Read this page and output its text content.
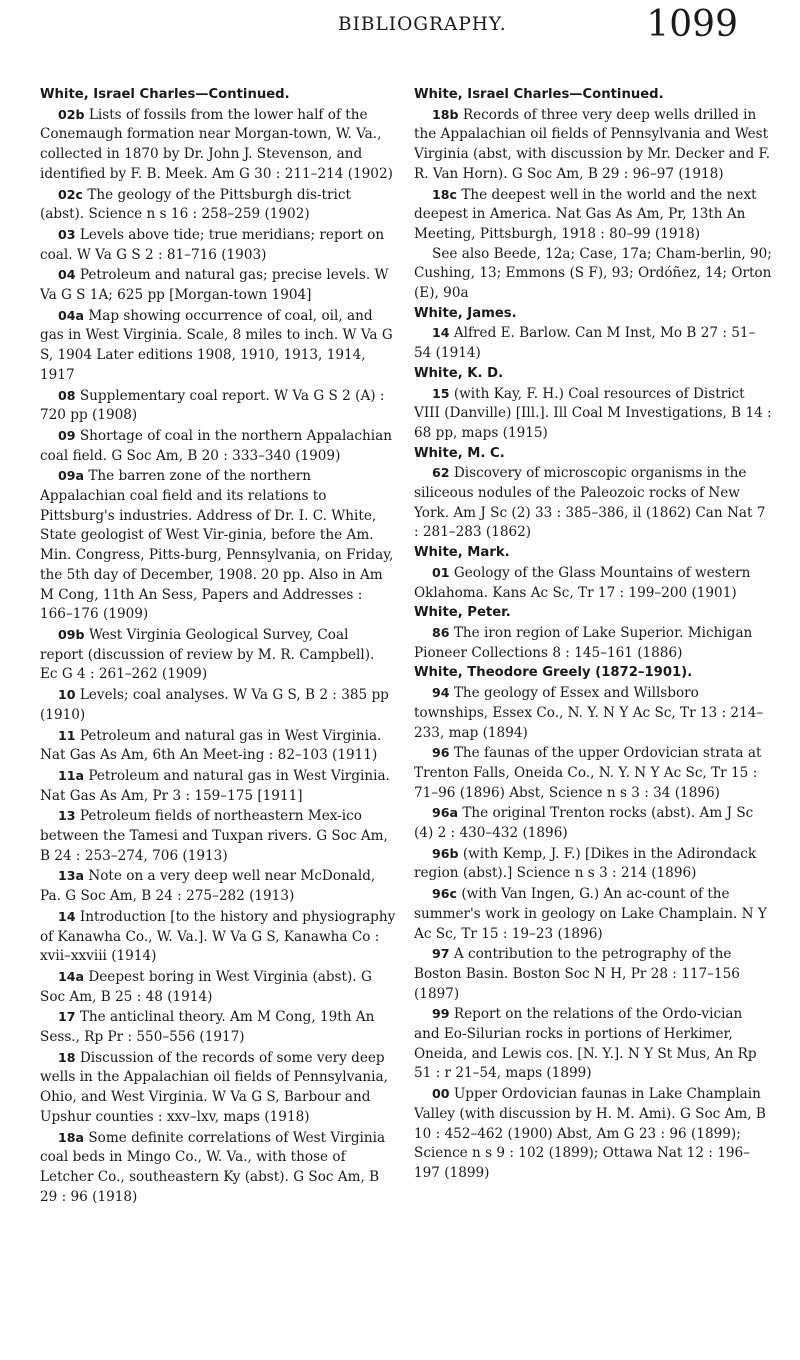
BIBLIOGRAPHY.	1099

White, Israel Charles—Continued.

02b Lists of fossils from the lower half of the Conemaugh formation near Morgan-town, W. Va., collected in 1870 by Dr. John J. Stevenson, and identified by F. B. Meek. Am G 30 : 211–214 (1902)

02c The geology of the Pittsburgh dis-trict (abst). Science n s 16 : 258–259 (1902)

03 Levels above tide; true meridians; report on coal. W Va G S 2 : 81–716 (1903)

04 Petroleum and natural gas; precise levels. W Va G S 1A; 625 pp [Morgan-town 1904]

04a Map showing occurrence of coal, oil, and gas in West Virginia. Scale, 8 miles to inch. W Va G S, 1904 Later editions 1908, 1910, 1913, 1914, 1917

08 Supplementary coal report. W Va G S 2 (A) : 720 pp (1908)

09 Shortage of coal in the northern Appalachian coal field. G Soc Am, B 20 : 333–340 (1909)

09a The barren zone of the northern Appalachian coal field and its relations to Pittsburg's industries. Address of Dr. I. C. White, State geologist of West Vir-ginia, before the Am. Min. Congress, Pitts-burg, Pennsylvania, on Friday, the 5th day of December, 1908. 20 pp. Also in Am M Cong, 11th An Sess, Papers and Addresses : 166–176 (1909)

09b West Virginia Geological Survey, Coal report (discussion of review by M. R. Campbell). Ec G 4 : 261–262 (1909)

10 Levels; coal analyses. W Va G S, B 2 : 385 pp (1910)

11 Petroleum and natural gas in West Virginia. Nat Gas As Am, 6th An Meet-ing : 82–103 (1911)

11a Petroleum and natural gas in West Virginia. Nat Gas As Am, Pr 3 : 159–175 [1911]

13 Petroleum fields of northeastern Mex-ico between the Tamesi and Tuxpan rivers. G Soc Am, B 24 : 253–274, 706 (1913)

13a Note on a very deep well near McDonald, Pa. G Soc Am, B 24 : 275–282 (1913)

14 Introduction [to the history and physiography of Kanawha Co., W. Va.]. W Va G S, Kanawha Co : xvii–xxviii (1914)

14a Deepest boring in West Virginia (abst). G Soc Am, B 25 : 48 (1914)

17 The anticlinal theory. Am M Cong, 19th An Sess., Rp Pr : 550–556 (1917)

18 Discussion of the records of some very deep wells in the Appalachian oil fields of Pennsylvania, Ohio, and West Virginia. W Va G S, Barbour and Upshur counties : xxv–lxv, maps (1918)

18a Some definite correlations of West Virginia coal beds in Mingo Co., W. Va., with those of Letcher Co., southeastern Ky (abst). G Soc Am, B 29 : 96 (1918)

White, Israel Charles—Continued.

18b Records of three very deep wells drilled in the Appalachian oil fields of Pennsylvania and West Virginia (abst, with discussion by Mr. Decker and F. R. Van Horn). G Soc Am, B 29 : 96–97 (1918)

18c The deepest well in the world and the next deepest in America. Nat Gas As Am, Pr, 13th An Meeting, Pittsburgh, 1918 : 80–99 (1918)

See also Beede, 12a; Case, 17a; Cham-berlin, 90; Cushing, 13; Emmons (S F), 93; Ordóñez, 14; Orton (E), 90a

White, James.

14 Alfred E. Barlow. Can M Inst, Mo B 27 : 51–54 (1914)

White, K. D.

15 (with Kay, F. H.) Coal resources of District VIII (Danville) [Ill.]. Ill Coal M Investigations, B 14 : 68 pp, maps (1915)

White, M. C.

62 Discovery of microscopic organisms in the siliceous nodules of the Paleozoic rocks of New York. Am J Sc (2) 33 : 385–386, il (1862) Can Nat 7 : 281–283 (1862)

White, Mark.

01 Geology of the Glass Mountains of western Oklahoma. Kans Ac Sc, Tr 17 : 199–200 (1901)

White, Peter.

86 The iron region of Lake Superior. Michigan Pioneer Collections 8 : 145–161 (1886)

White, Theodore Greely (1872–1901).

94 The geology of Essex and Willsboro townships, Essex Co., N. Y. N Y Ac Sc, Tr 13 : 214–233, map (1894)

96 The faunas of the upper Ordovician strata at Trenton Falls, Oneida Co., N. Y. N Y Ac Sc, Tr 15 : 71–96 (1896) Abst, Science n s 3 : 34 (1896)

96a The original Trenton rocks (abst). Am J Sc (4) 2 : 430–432 (1896)

96b (with Kemp, J. F.) [Dikes in the Adirondack region (abst).] Science n s 3 : 214 (1896)

96c (with Van Ingen, G.) An ac-count of the summer's work in geology on Lake Champlain. N Y Ac Sc, Tr 15 : 19–23 (1896)

97 A contribution to the petrography of the Boston Basin. Boston Soc N H, Pr 28 : 117–156 (1897)

99 Report on the relations of the Ordo-vician and Eo-Silurian rocks in portions of Herkimer, Oneida, and Lewis cos. [N. Y.]. N Y St Mus, An Rp 51 : r 21–54, maps (1899)

00 Upper Ordovician faunas in Lake Champlain Valley (with discussion by H. M. Ami). G Soc Am, B 10 : 452–462 (1900) Abst, Am G 23 : 96 (1899); Science n s 9 : 102 (1899); Ottawa Nat 12 : 196–197 (1899)
